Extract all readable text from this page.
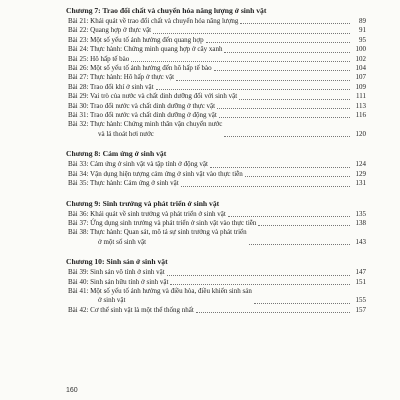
Chương 7: Trao đổi chất và chuyển hóa năng lượng ở sinh vật
Bài 21: Khái quát về trao đổi chất và chuyển hóa năng lượng	89
Bài 22: Quang hợp ở thực vật	91
Bài 23: Một số yếu tố ảnh hưởng đến quang hợp	95
Bài 24: Thực hành: Chứng minh quang hợp ở cây xanh	100
Bài 25: Hô hấp tế bào	102
Bài 26: Một số yếu tố ảnh hưởng đến hô hấp tế bào	104
Bài 27: Thực hành: Hô hấp ở thực vật	107
Bài 28: Trao đổi khí ở sinh vật	109
Bài 29: Vai trò của nước và chất dinh dưỡng đối với sinh vật	111
Bài 30: Trao đổi nước và chất dinh dưỡng ở thực vật	113
Bài 31: Trao đổi nước và chất dinh dưỡng ở động vật	116
Bài 32: Thực hành: Chứng minh thân vận chuyển nước
và lá thoát hơi nước	120
Chương 8: Cảm ứng ở sinh vật
Bài 33: Cảm ứng ở sinh vật và tập tính ở động vật	124
Bài 34: Vận dụng hiện tượng cảm ứng ở sinh vật vào thực tiễn	129
Bài 35: Thực hành: Cảm ứng ở sinh vật	131
Chương 9: Sinh trưởng và phát triển ở sinh vật
Bài 36: Khái quát về sinh trưởng và phát triển ở sinh vật	135
Bài 37: Ứng dụng sinh trưởng và phát triển ở sinh vật vào thực tiễn	138
Bài 38: Thực hành: Quan sát, mô tả sự sinh trưởng và phát triển
ở một số sinh vật	143
Chương 10: Sinh sản ở sinh vật
Bài 39: Sinh sản vô tính ở sinh vật	147
Bài 40: Sinh sản hữu tính ở sinh vật	151
Bài 41: Một số yếu tố ảnh hưởng và điều hòa, điều khiển sinh sản
ở sinh vật	155
Bài 42: Cơ thể sinh vật là một thể thống nhất	157
160
